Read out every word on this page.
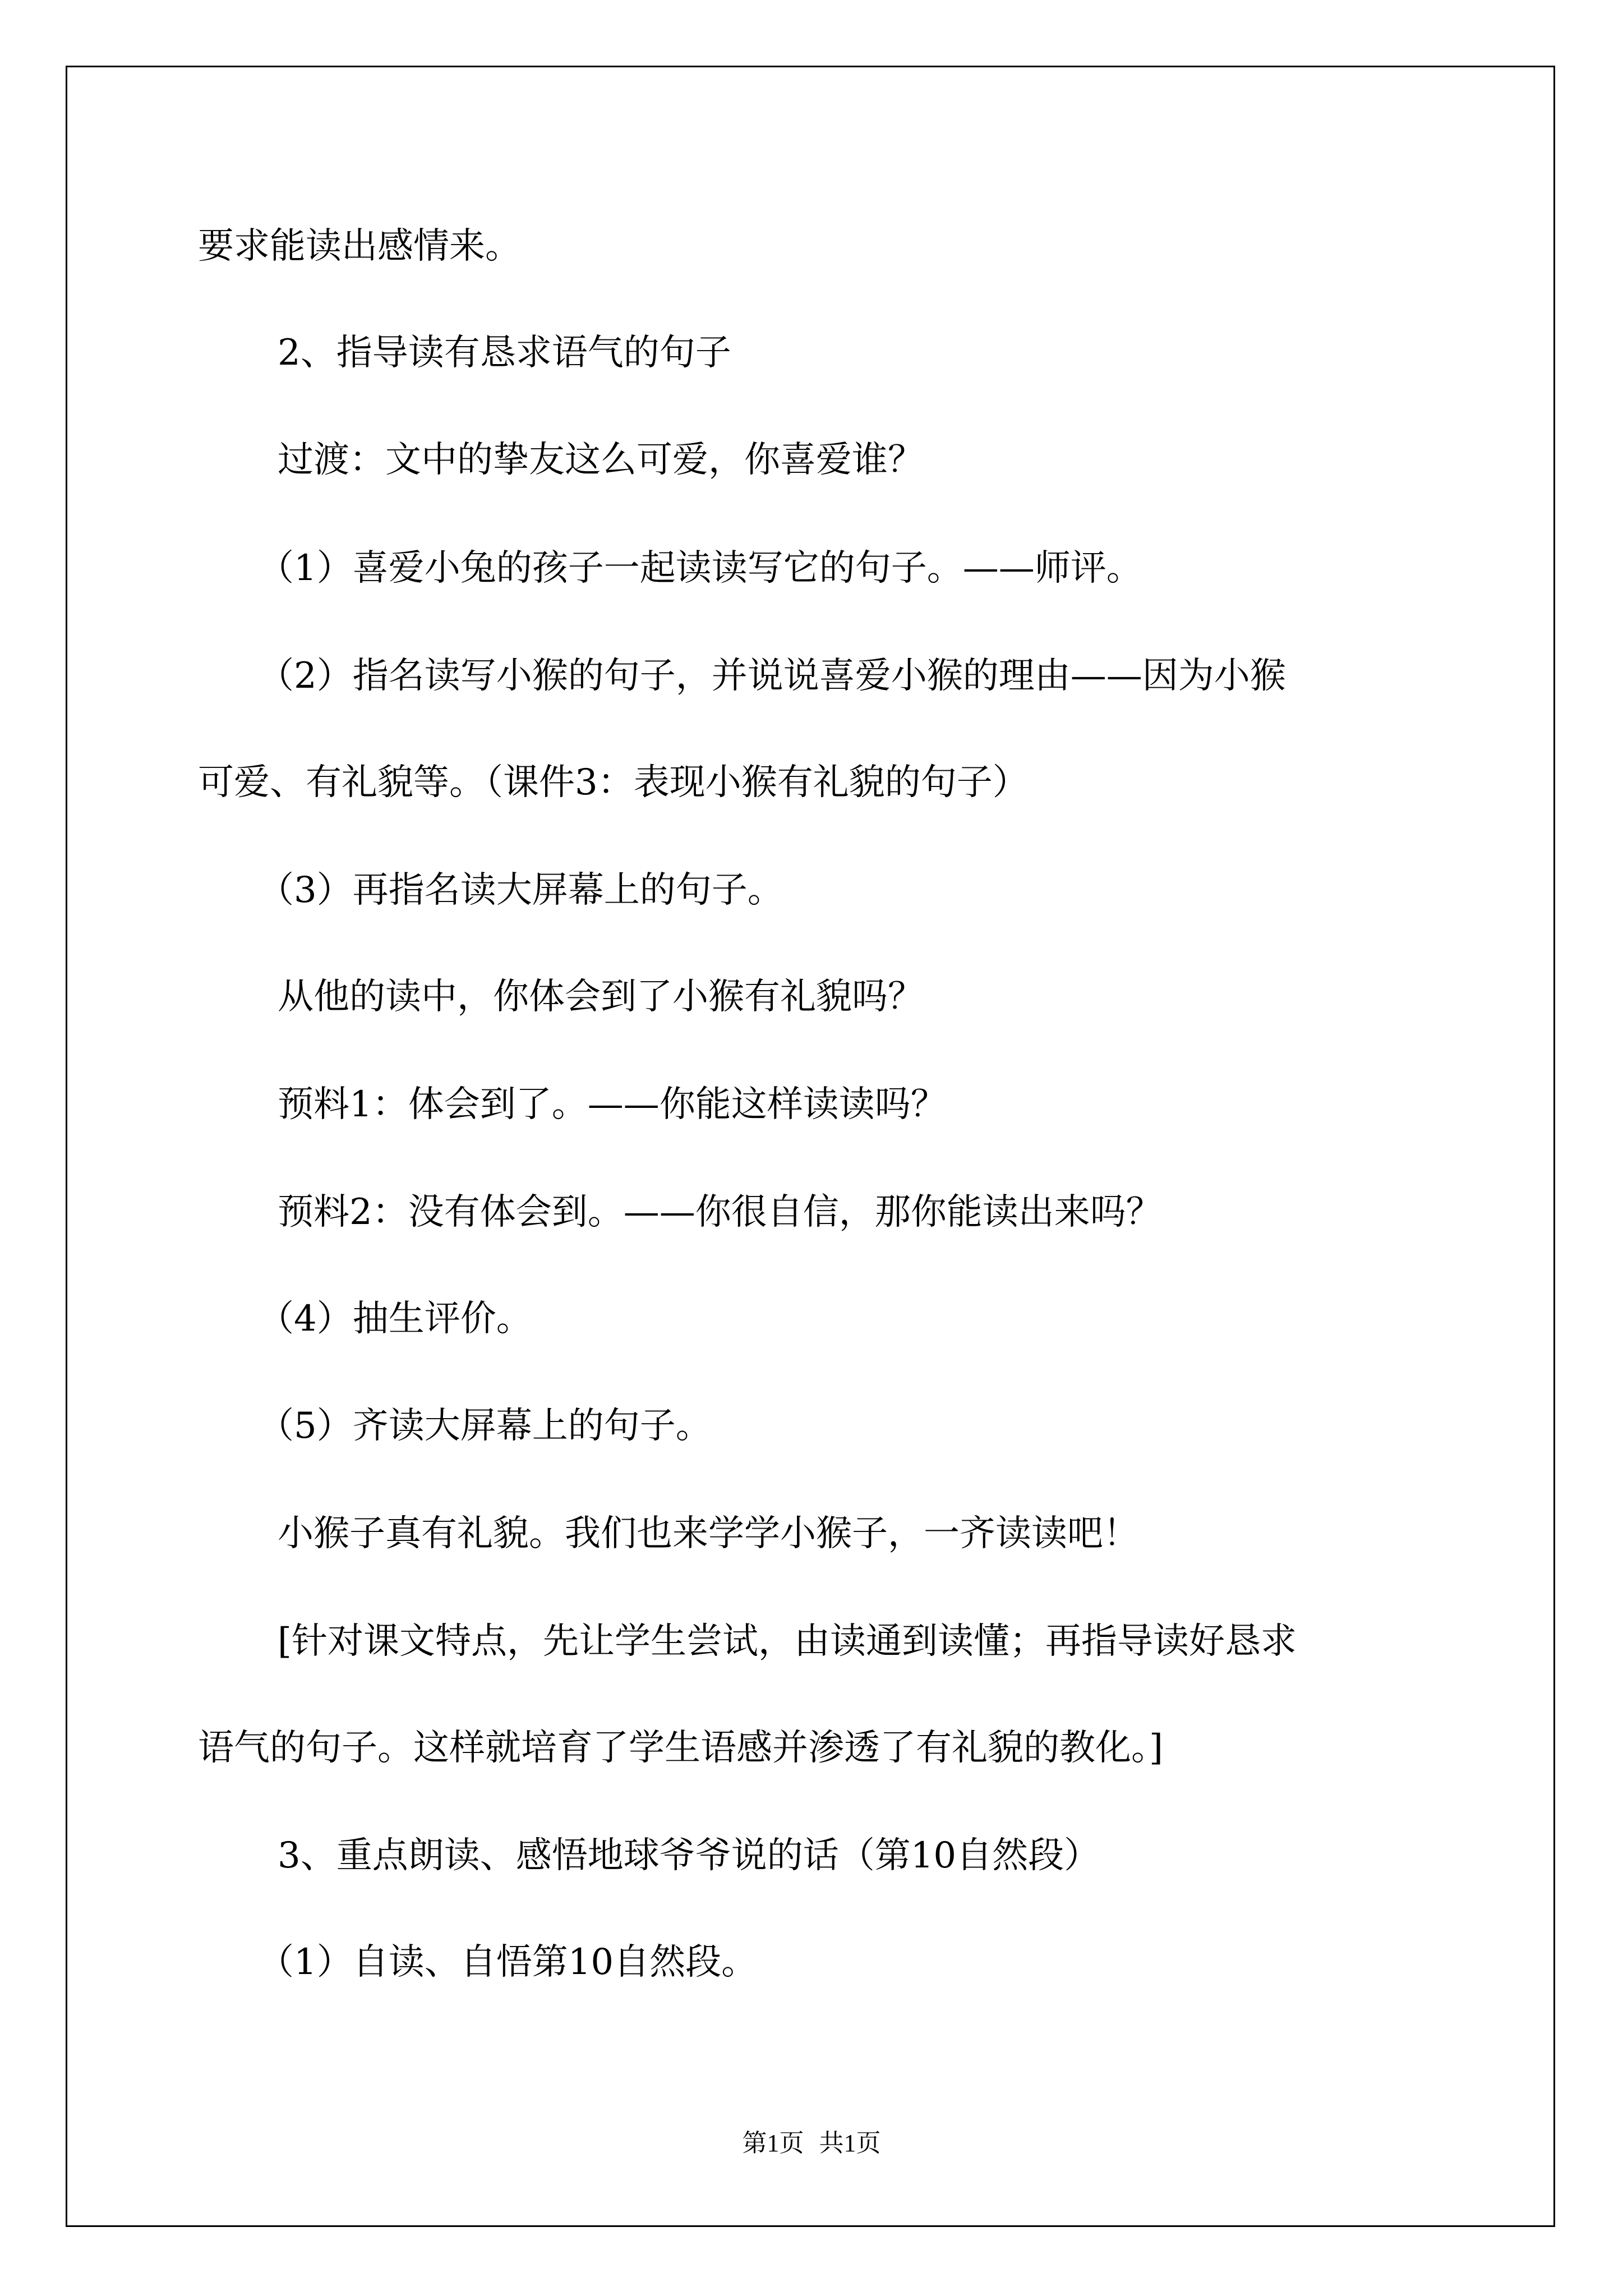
要求能读出感情来。

2、指导读有恳求语气的句子

过渡：文中的挚友这么可爱，你喜爱谁？

（1）喜爱小兔的孩子一起读读写它的句子。——师评。

（2）指名读写小猴的句子，并说说喜爱小猴的理由——因为小猴

可爱、有礼貌等。（课件3：表现小猴有礼貌的句子）

（3）再指名读大屏幕上的句子。

从他的读中，你体会到了小猴有礼貌吗？

预料1：体会到了。——你能这样读读吗？

预料2：没有体会到。——你很自信，那你能读出来吗？

（4）抽生评价。

（5）齐读大屏幕上的句子。

小猴子真有礼貌。我们也来学学小猴子，一齐读读吧！

[针对课文特点，先让学生尝试，由读通到读懂；再指导读好恳求

语气的句子。这样就培育了学生语感并渗透了有礼貌的教化。]

3、重点朗读、感悟地球爷爷说的话（第10自然段）

（1）自读、自悟第10自然段。

第1页 共1页
